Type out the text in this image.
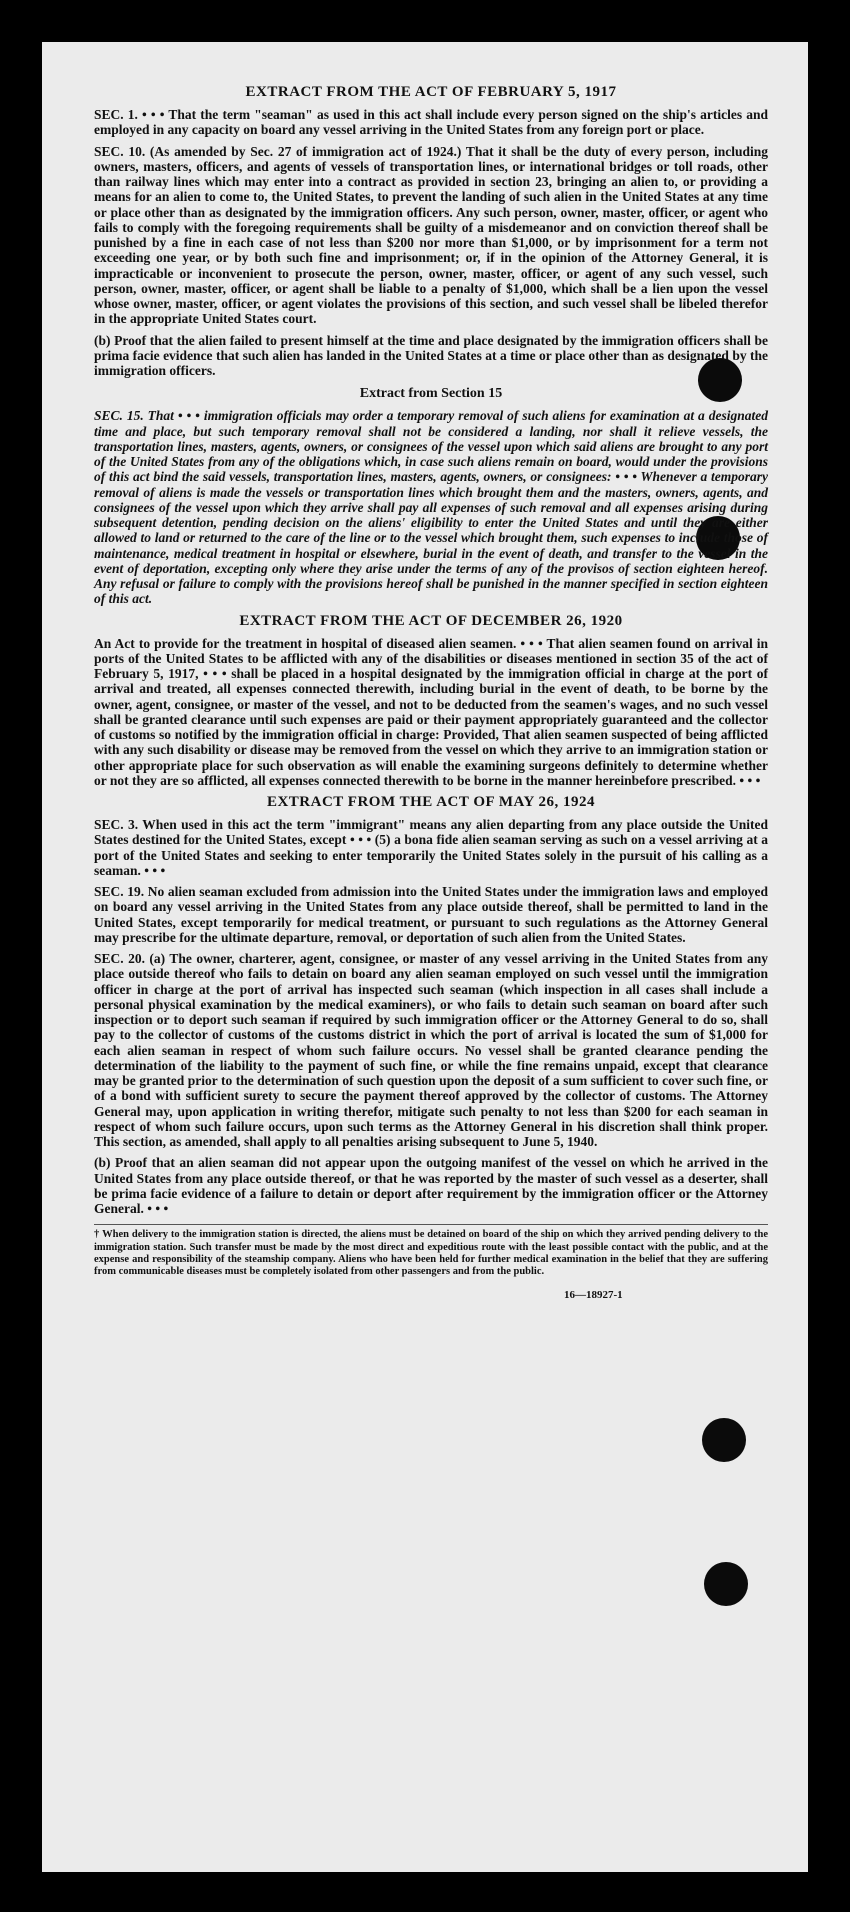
EXTRACT FROM THE ACT OF FEBRUARY 5, 1917

SEC. 1. • • • That the term "seaman" as used in this act shall include every person signed on the ship's articles and employed in any capacity on board any vessel arriving in the United States from any foreign port or place.

SEC. 10. (As amended by Sec. 27 of immigration act of 1924.) That it shall be the duty of every person, including owners, masters, officers, and agents of vessels of transportation lines, or international bridges or toll roads, other than railway lines which may enter into a contract as provided in section 23, bringing an alien to, or providing a means for an alien to come to, the United States, to prevent the landing of such alien in the United States at any time or place other than as designated by the immigration officers. Any such person, owner, master, officer, or agent who fails to comply with the foregoing requirements shall be guilty of a misdemeanor and on conviction thereof shall be punished by a fine in each case of not less than $200 nor more than $1,000, or by imprisonment for a term not exceeding one year, or by both such fine and imprisonment; or, if in the opinion of the Attorney General, it is impracticable or inconvenient to prosecute the person, owner, master, officer, or agent of any such vessel, such person, owner, master, officer, or agent shall be liable to a penalty of $1,000, which shall be a lien upon the vessel whose owner, master, officer, or agent violates the provisions of this section, and such vessel shall be libeled therefor in the appropriate United States court.

(b) Proof that the alien failed to present himself at the time and place designated by the immigration officers shall be prima facie evidence that such alien has landed in the United States at a time or place other than as designated by the immigration officers.

Extract from Section 15

SEC. 15. That • • • immigration officials may order a temporary removal of such aliens for examination at a designated time and place, but such temporary removal shall not be considered a landing, nor shall it relieve vessels, the transportation lines, masters, agents, owners, or consignees of the vessel upon which said aliens are brought to any port of the United States from any of the obligations which, in case such aliens remain on board, would under the provisions of this act bind the said vessels, transportation lines, masters, agents, owners, or consignees: • • • Whenever a temporary removal of aliens is made the vessels or transportation lines which brought them and the masters, owners, agents, and consignees of the vessel upon which they arrive shall pay all expenses of such removal and all expenses arising during subsequent detention, pending decision on the aliens' eligibility to enter the United States and until they are either allowed to land or returned to the care of the line or to the vessel which brought them, such expenses to include those of maintenance, medical treatment in hospital or elsewhere, burial in the event of death, and transfer to the vessel in the event of deportation, excepting only where they arise under the terms of any of the provisos of section eighteen hereof. Any refusal or failure to comply with the provisions hereof shall be punished in the manner specified in section eighteen of this act.

EXTRACT FROM THE ACT OF DECEMBER 26, 1920

An Act to provide for the treatment in hospital of diseased alien seamen. • • • That alien seamen found on arrival in ports of the United States to be afflicted with any of the disabilities or diseases mentioned in section 35 of the act of February 5, 1917, • • • shall be placed in a hospital designated by the immigration official in charge at the port of arrival and treated, all expenses connected therewith, including burial in the event of death, to be borne by the owner, agent, consignee, or master of the vessel, and not to be deducted from the seamen's wages, and no such vessel shall be granted clearance until such expenses are paid or their payment appropriately guaranteed and the collector of customs so notified by the immigration official in charge: Provided, That alien seamen suspected of being afflicted with any such disability or disease may be removed from the vessel on which they arrive to an immigration station or other appropriate place for such observation as will enable the examining surgeons definitely to determine whether or not they are so afflicted, all expenses connected therewith to be borne in the manner hereinbefore prescribed. • • •

EXTRACT FROM THE ACT OF MAY 26, 1924

SEC. 3. When used in this act the term "immigrant" means any alien departing from any place outside the United States destined for the United States, except • • • (5) a bona fide alien seaman serving as such on a vessel arriving at a port of the United States and seeking to enter temporarily the United States solely in the pursuit of his calling as a seaman. • • •

SEC. 19. No alien seaman excluded from admission into the United States under the immigration laws and employed on board any vessel arriving in the United States from any place outside thereof, shall be permitted to land in the United States, except temporarily for medical treatment, or pursuant to such regulations as the Attorney General may prescribe for the ultimate departure, removal, or deportation of such alien from the United States.

SEC. 20. (a) The owner, charterer, agent, consignee, or master of any vessel arriving in the United States from any place outside thereof who fails to detain on board any alien seaman employed on such vessel until the immigration officer in charge at the port of arrival has inspected such seaman (which inspection in all cases shall include a personal physical examination by the medical examiners), or who fails to detain such seaman on board after such inspection or to deport such seaman if required by such immigration officer or the Attorney General to do so, shall pay to the collector of customs of the customs district in which the port of arrival is located the sum of $1,000 for each alien seaman in respect of whom such failure occurs. No vessel shall be granted clearance pending the determination of the liability to the payment of such fine, or while the fine remains unpaid, except that clearance may be granted prior to the determination of such question upon the deposit of a sum sufficient to cover such fine, or of a bond with sufficient surety to secure the payment thereof approved by the collector of customs. The Attorney General may, upon application in writing therefor, mitigate such penalty to not less than $200 for each seaman in respect of whom such failure occurs, upon such terms as the Attorney General in his discretion shall think proper. This section, as amended, shall apply to all penalties arising subsequent to June 5, 1940.

(b) Proof that an alien seaman did not appear upon the outgoing manifest of the vessel on which he arrived in the United States from any place outside thereof, or that he was reported by the master of such vessel as a deserter, shall be prima facie evidence of a failure to detain or deport after requirement by the immigration officer or the Attorney General. • • •

† When delivery to the immigration station is directed, the aliens must be detained on board of the ship on which they arrived pending delivery to the immigration station. Such transfer must be made by the most direct and expeditious route with the least possible contact with the public, and at the expense and responsibility of the steamship company. Aliens who have been held for further medical examination in the belief that they are suffering from communicable diseases must be completely isolated from other passengers and from the public.

16—18927-1
